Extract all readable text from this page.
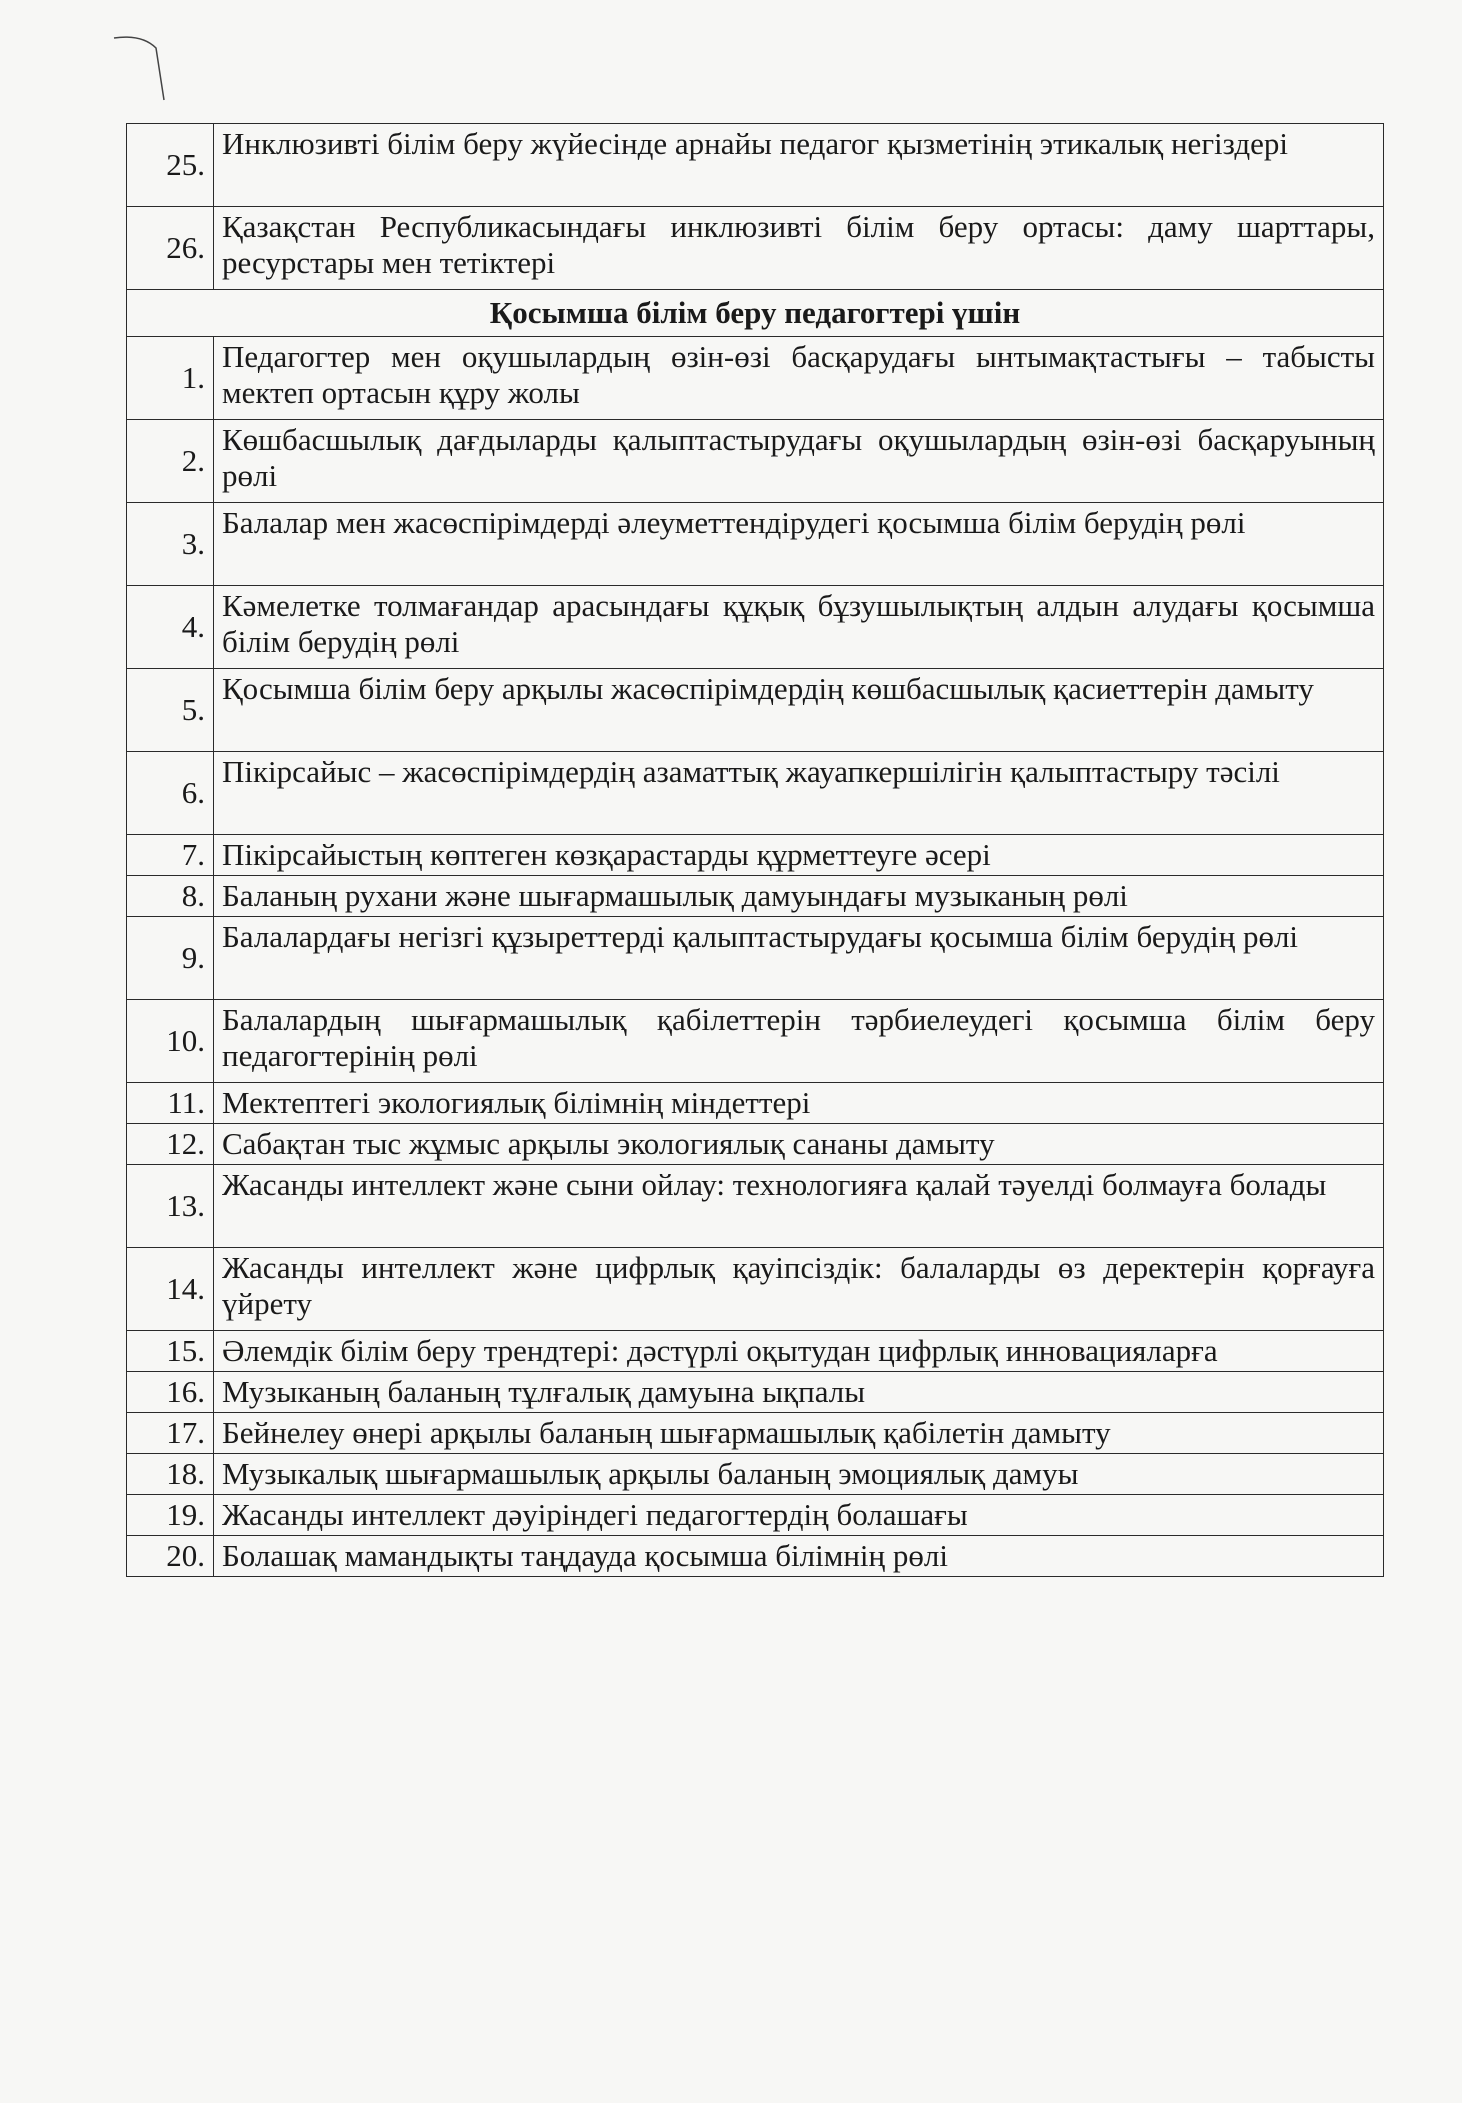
25.	Инклюзивті білім беру жүйесінде арнайы педагог қызметінің этикалық негіздері
26.	Қазақстан Республикасындағы инклюзивті білім беру ортасы: даму шарттары, ресурстары мен тетіктері
Қосымша білім беру педагогтері үшін	
1.	Педагогтер мен оқушылардың өзін-өзі басқарудағы ынтымақтастығы – табысты мектеп ортасын құру жолы
2.	Көшбасшылық дағдыларды қалыптастырудағы оқушылардың өзін-өзі басқаруының рөлі
3.	Балалар мен жасөспірімдерді әлеуметтендірудегі қосымша білім берудің рөлі
4.	Кәмелетке толмағандар арасындағы құқық бұзушылықтың алдын алудағы қосымша білім берудің рөлі
5.	Қосымша білім беру арқылы жасөспірімдердің көшбасшылық қасиеттерін дамыту
6.	Пікірсайыс – жасөспірімдердің азаматтық жауапкершілігін қалыптастыру тәсілі
7.	Пікірсайыстың көптеген көзқарастарды құрметтеуге әсері
8.	Баланың рухани және шығармашылық дамуындағы музыканың рөлі
9.	Балалардағы негізгі құзыреттерді қалыптастырудағы қосымша білім берудің рөлі
10.	Балалардың шығармашылық қабілеттерін тәрбиелеудегі қосымша білім беру педагогтерінің рөлі
11.	Мектептегі экологиялық білімнің міндеттері
12.	Сабақтан тыс жұмыс арқылы экологиялық сананы дамыту
13.	Жасанды интеллект және сыни ойлау: технологияға қалай тәуелді болмауға болады
14.	Жасанды интеллект және цифрлық қауіпсіздік: балаларды өз деректерін қорғауға үйрету
15.	Әлемдік білім беру трендтері: дәстүрлі оқытудан цифрлық инновацияларға
16.	Музыканың баланың тұлғалық дамуына ықпалы
17.	Бейнелеу өнері арқылы баланың шығармашылық қабілетін дамыту
18.	Музыкалық шығармашылық арқылы баланың эмоциялық дамуы
19.	Жасанды интеллект дәуіріндегі педагогтердің болашағы
20.	Болашақ мамандықты таңдауда қосымша білімнің рөлі
